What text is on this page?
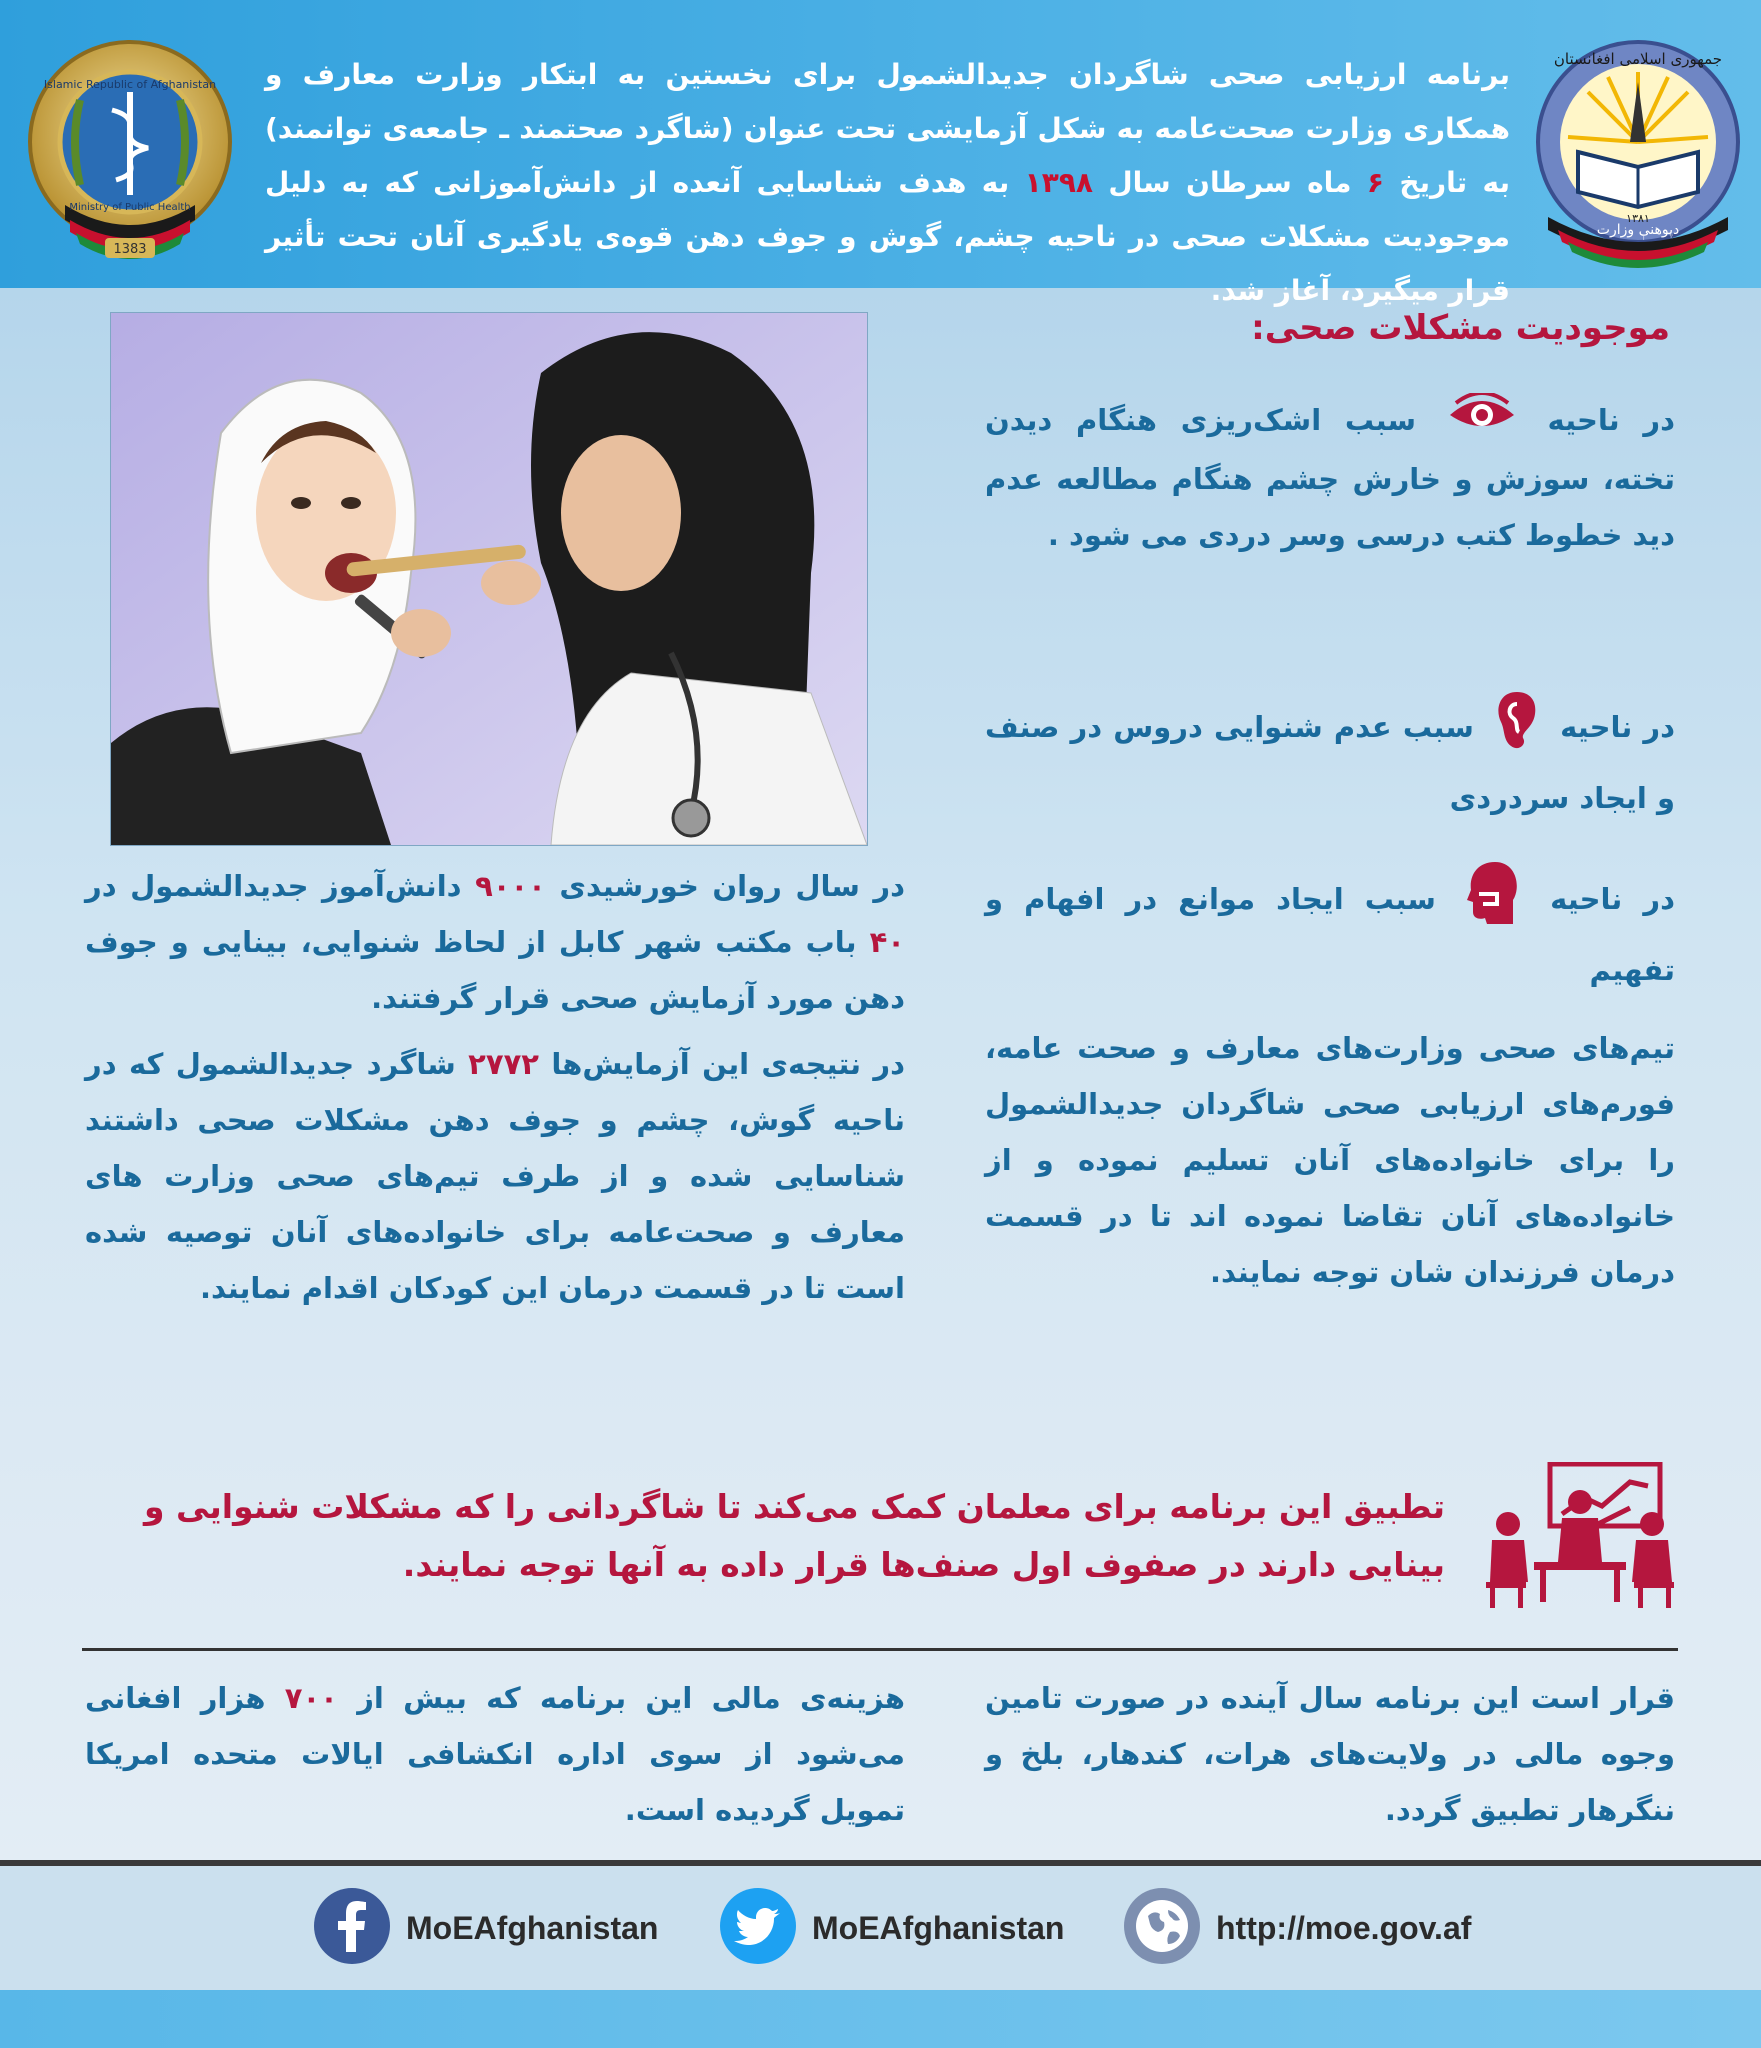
1383
Islamic Republic of Afghanistan
Ministry of Public Health
برنامه ارزیابی صحی شاگردان جدیدالشمول برای نخستین به ابتکار وزارت معارف و همکاری وزارت صحت‌عامه به شکل آزمایشی تحت عنوان (شاگرد صحتمند ـ جامعه‌ی توانمند) به تاریخ ۶ ماه سرطان سال ۱۳۹۸ به هدف شناسایی آنعده از دانش‌آموزانی که به دلیل موجودیت مشکلات صحی در ناحیه چشم، گوش و جوف دهن قوه‌ی یادگیری آنان تحت تأثیر قرار میگیرد، آغاز شد.
جمهوری اسلامی افغانستان
دپوهنې وزارت
۱۳۸۱
موجودیت مشکلات صحی:
در ناحیه  سبب اشک‌ریزی هنگام دیدن تخته، سوزش و خارش چشم هنگام مطالعه عدم دید خطوط کتب درسی وسر دردی می شود .
در ناحیه  سبب عدم شنوایی دروس در صنف و ایجاد سردردی
در ناحیه  سبب ایجاد موانع در افهام و تفهیم
تیم‌های صحی وزارت‌های معارف و صحت عامه، فورم‌های ارزیابی صحی شاگردان جدیدالشمول را برای خانواده‌های آنان تسلیم نموده و از خانواده‌های آنان تقاضا نموده اند تا در قسمت درمان فرزندان شان توجه نمایند.
در سال روان خورشیدی ۹۰۰۰ دانش‌آموز جدیدالشمول در ۴۰ باب مکتب شهر کابل از لحاظ شنوایی، بینایی و جوف دهن مورد آزمایش صحی قرار گرفتند.
در نتیجه‌ی این آزمایش‌ها ۲۷۷۲ شاگرد جدیدالشمول که در ناحیه گوش، چشم و جوف دهن مشکلات صحی داشتند شناسایی شده و از طرف تیم‌های صحی وزارت های معارف و صحت‌عامه برای خانواده‌های آنان توصیه شده است تا در قسمت درمان این کودکان اقدام نمایند.
تطبیق این برنامه برای معلمان کمک می‌کند تا شاگردانی را که مشکلات شنوایی و بینایی دارند در صفوف اول صنف‌ها قرار داده به آنها توجه نمایند.
قرار است این برنامه سال آینده در صورت تامین وجوه مالی در ولایت‌های هرات، کندهار، بلخ و ننگرهار تطبیق گردد.
هزینه‌ی مالی این برنامه که بیش از ۷۰۰ هزار افغانی می‌شود از سوی اداره انکشافی ایالات متحده امریکا تمویل گردیده است.
MoEAfghanistan	MoEAfghanistan	http://moe.gov.af
